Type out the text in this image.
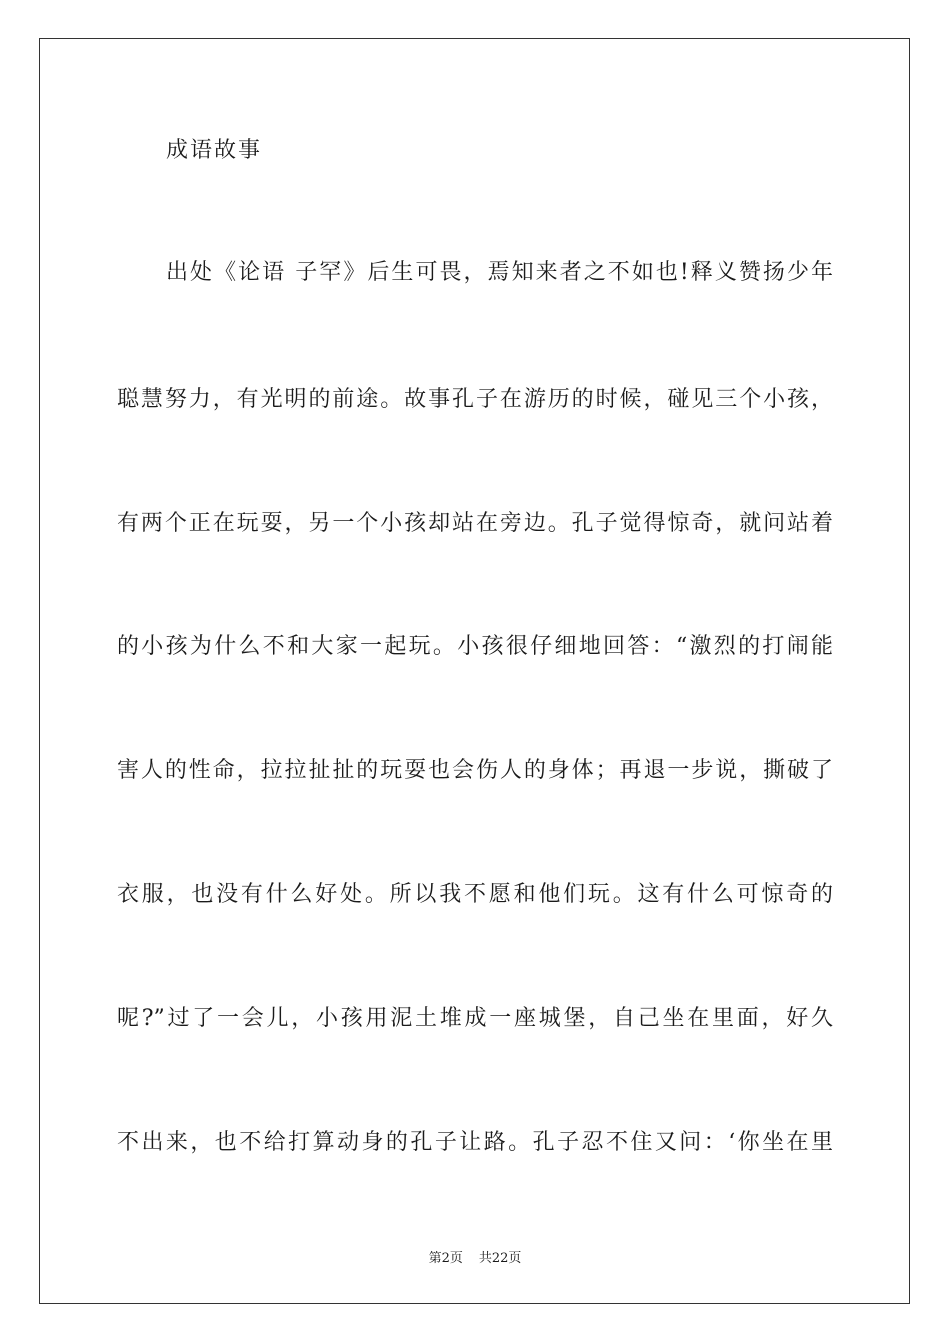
成语故事
出处《论语 子罕》后生可畏，焉知来者之不如也!释义赞扬少年
聪慧努力，有光明的前途。故事孔子在游历的时候，碰见三个小孩，
有两个正在玩耍，另一个小孩却站在旁边。孔子觉得惊奇，就问站着
的小孩为什么不和大家一起玩。小孩很仔细地回答：“激烈的打闹能
害人的性命，拉拉扯扯的玩耍也会伤人的身体；再退一步说，撕破了
衣服，也没有什么好处。所以我不愿和他们玩。这有什么可惊奇的
呢?”过了一会儿，小孩用泥土堆成一座城堡，自己坐在里面，好久
不出来，也不给打算动身的孔子让路。孔子忍不住又问：‘你坐在里
第2页 共22页
